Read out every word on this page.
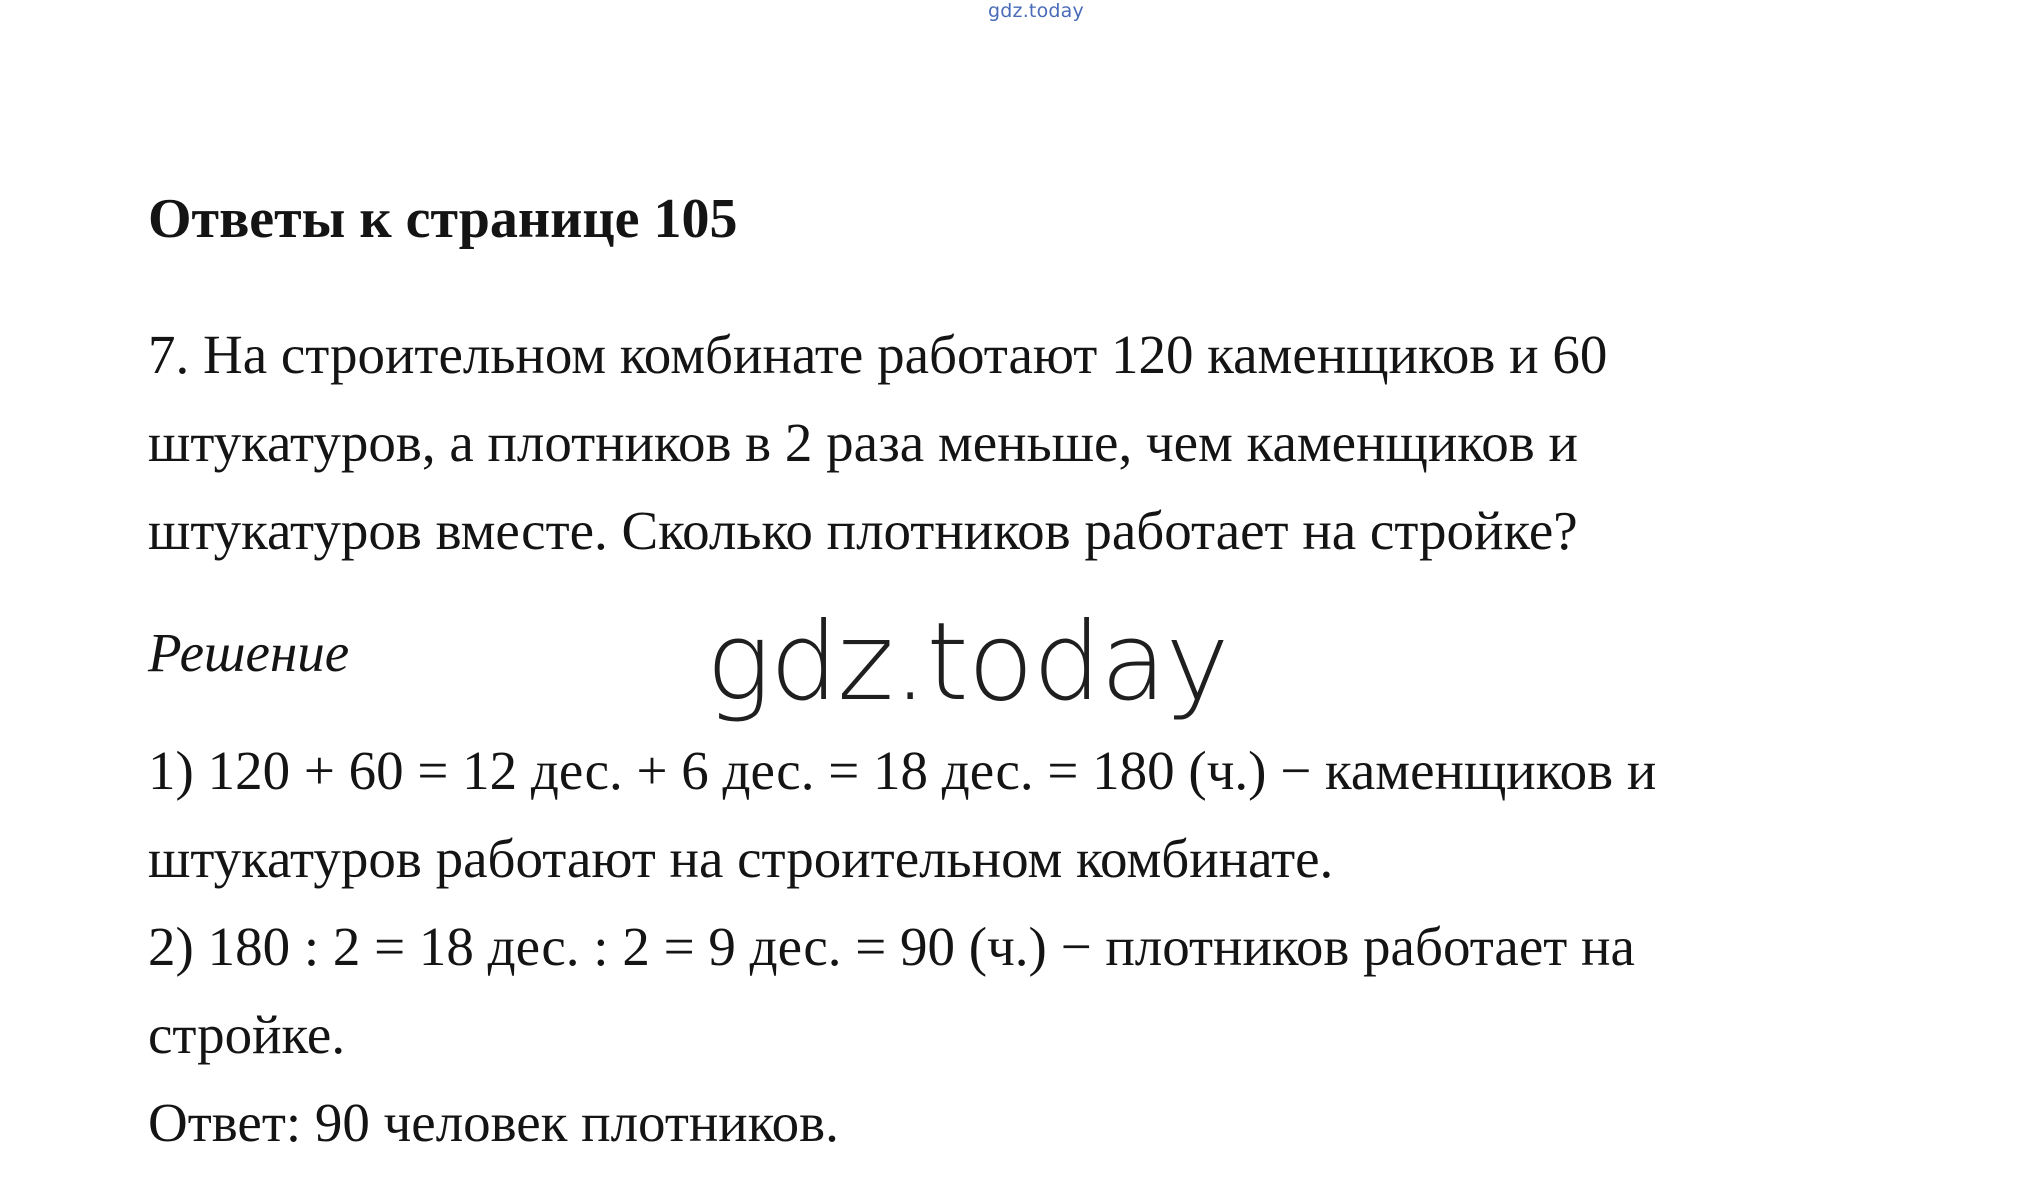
gdz.today
Ответы к странице 105
7. На строительном комбинате работают 120 каменщиков и 60
штукатуров, а плотников в 2 раза меньше, чем каменщиков и
штукатуров вместе. Сколько плотников работает на стройке?
Решение	gdz.today
1) 120 + 60 = 12 дес. + 6 дес. = 18 дес. = 180 (ч.) − каменщиков и
штукатуров работают на строительном комбинате.
2) 180 : 2 = 18 дес. : 2 = 9 дес. = 90 (ч.) − плотников работает на
стройке.
Ответ: 90 человек плотников.
